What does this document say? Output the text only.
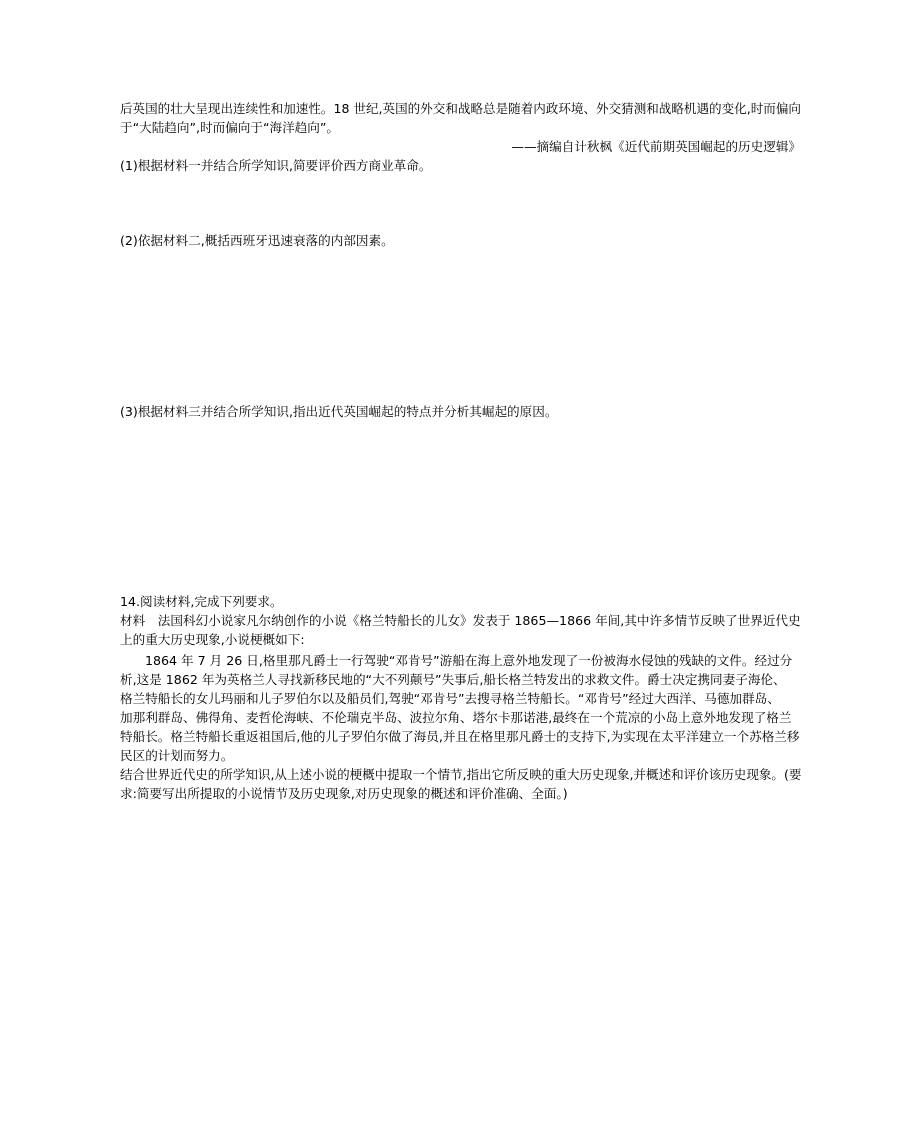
后英国的壮大呈现出连续性和加速性。18 世纪,英国的外交和战略总是随着内政环境、外交猜测和战略机遇的变化,时而偏向
于“大陆趋向”,时而偏向于“海洋趋向”。
——摘编自计秋枫《近代前期英国崛起的历史逻辑》
(1)根据材料一并结合所学知识,简要评价西方商业革命。
(2)依据材料二,概括西班牙迅速衰落的内部因素。
(3)根据材料三并结合所学知识,指出近代英国崛起的特点并分析其崛起的原因。
14.阅读材料,完成下列要求。
材料　法国科幻小说家凡尔纳创作的小说《格兰特船长的儿女》发表于 1865—1866 年间,其中许多情节反映了世界近代史
上的重大历史现象,小说梗概如下:
1864 年 7 月 26 日,格里那凡爵士一行驾驶“邓肯号”游船在海上意外地发现了一份被海水侵蚀的残缺的文件。经过分
析,这是 1862 年为英格兰人寻找新移民地的“大不列颠号”失事后,船长格兰特发出的求救文件。爵士决定携同妻子海伦、
格兰特船长的女儿玛丽和儿子罗伯尔以及船员们,驾驶“邓肯号”去搜寻格兰特船长。“邓肯号”经过大西洋、马德加群岛、
加那利群岛、佛得角、麦哲伦海峡、不伦瑞克半岛、波拉尔角、塔尔卡那诺港,最终在一个荒凉的小岛上意外地发现了格兰
特船长。格兰特船长重返祖国后,他的儿子罗伯尔做了海员,并且在格里那凡爵士的支持下,为实现在太平洋建立一个苏格兰移
民区的计划而努力。
结合世界近代史的所学知识,从上述小说的梗概中提取一个情节,指出它所反映的重大历史现象,并概述和评价该历史现象。(要
求:简要写出所提取的小说情节及历史现象,对历史现象的概述和评价准确、全面。)
